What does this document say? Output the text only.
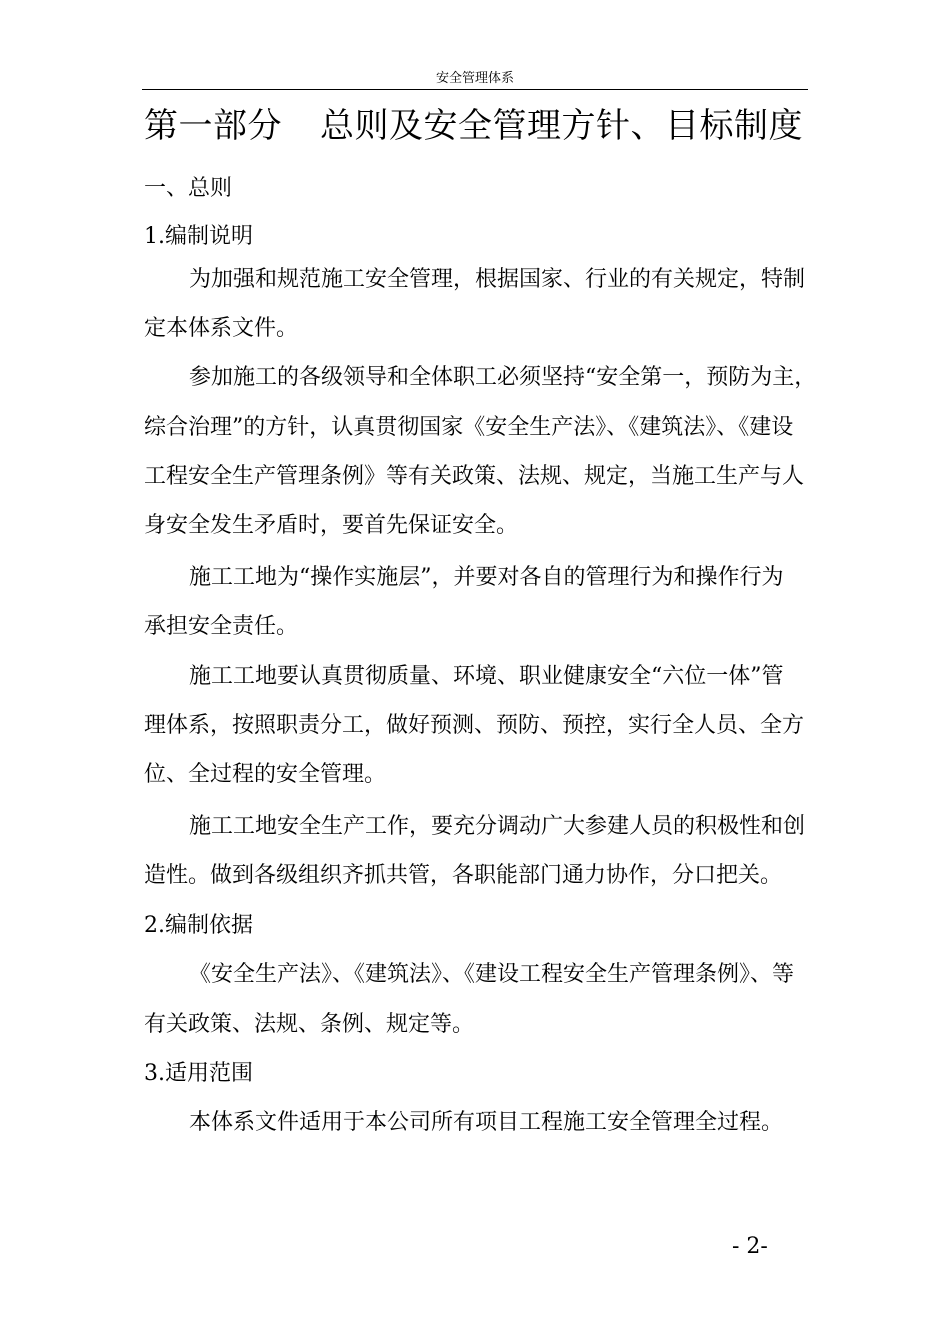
安全管理体系
第一部分 总则及安全管理方针、目标制度
一、总则
1.编制说明
为加强和规范施工安全管理，根据国家、行业的有关规定，特制
定本体系文件。
参加施工的各级领导和全体职工必须坚持“安全第一，预防为主，
综合治理”的方针，认真贯彻国家《安全生产法》、《建筑法》、《建设
工程安全生产管理条例》等有关政策、法规、规定，当施工生产与人
身安全发生矛盾时，要首先保证安全。
施工工地为“操作实施层”，并要对各自的管理行为和操作行为
承担安全责任。
施工工地要认真贯彻质量、环境、职业健康安全“六位一体”管
理体系，按照职责分工，做好预测、预防、预控，实行全人员、全方
位、全过程的安全管理。
施工工地安全生产工作，要充分调动广大参建人员的积极性和创
造性。做到各级组织齐抓共管，各职能部门通力协作，分口把关。
2.编制依据
《安全生产法》、《建筑法》、《建设工程安全生产管理条例》、等
有关政策、法规、条例、规定等。
3.适用范围
本体系文件适用于本公司所有项目工程施工安全管理全过程。
- 2-
